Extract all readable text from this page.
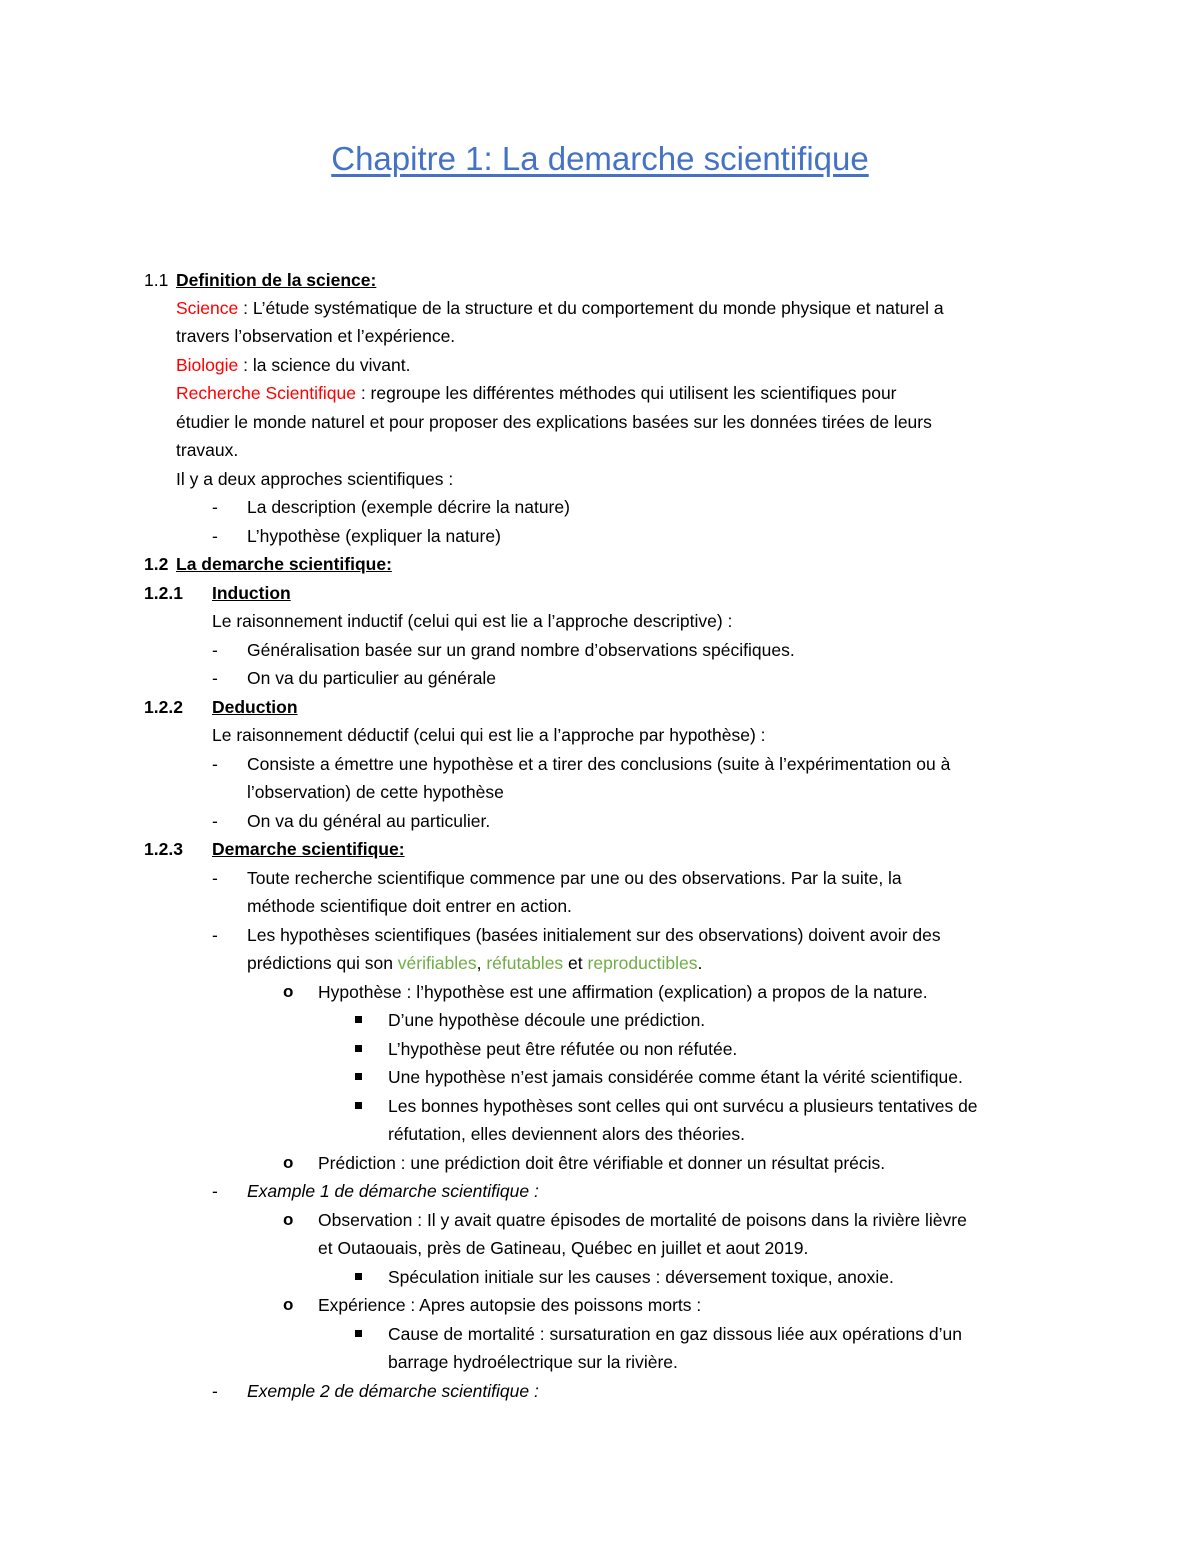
Chapitre 1: La demarche scientifique
1.1 Definition de la science:
Science : L’étude systématique de la structure et du comportement du monde physique et naturel a
travers l’observation et l’expérience.
Biologie : la science du vivant.
Recherche Scientifique : regroupe les différentes méthodes qui utilisent les scientifiques pour
étudier le monde naturel et pour proposer des explications basées sur les données tirées de leurs
travaux.
Il y a deux approches scientifiques :
- La description (exemple décrire la nature)
- L’hypothèse (expliquer la nature)
1.2 La demarche scientifique:
1.2.1 Induction
Le raisonnement inductif (celui qui est lie a l’approche descriptive) :
- Généralisation basée sur un grand nombre d’observations spécifiques.
- On va du particulier au générale
1.2.2 Deduction
Le raisonnement déductif (celui qui est lie a l’approche par hypothèse) :
- Consiste a émettre une hypothèse et a tirer des conclusions (suite à l’expérimentation ou à
l’observation) de cette hypothèse
- On va du général au particulier.
1.2.3 Demarche scientifique:
- Toute recherche scientifique commence par une ou des observations. Par la suite, la
méthode scientifique doit entrer en action.
- Les hypothèses scientifiques (basées initialement sur des observations) doivent avoir des
prédictions qui son vérifiables, réfutables et reproductibles.
o Hypothèse : l’hypothèse est une affirmation (explication) a propos de la nature.
D’une hypothèse découle une prédiction.
L’hypothèse peut être réfutée ou non réfutée.
Une hypothèse n’est jamais considérée comme étant la vérité scientifique.
Les bonnes hypothèses sont celles qui ont survécu a plusieurs tentatives de
réfutation, elles deviennent alors des théories.
o Prédiction : une prédiction doit être vérifiable et donner un résultat précis.
- Example 1 de démarche scientifique :
o Observation : Il y avait quatre épisodes de mortalité de poisons dans la rivière lièvre
et Outaouais, près de Gatineau, Québec en juillet et aout 2019.
Spéculation initiale sur les causes : déversement toxique, anoxie.
o Expérience : Apres autopsie des poissons morts :
Cause de mortalité : sursaturation en gaz dissous liée aux opérations d’un
barrage hydroélectrique sur la rivière.
- Exemple 2 de démarche scientifique :
